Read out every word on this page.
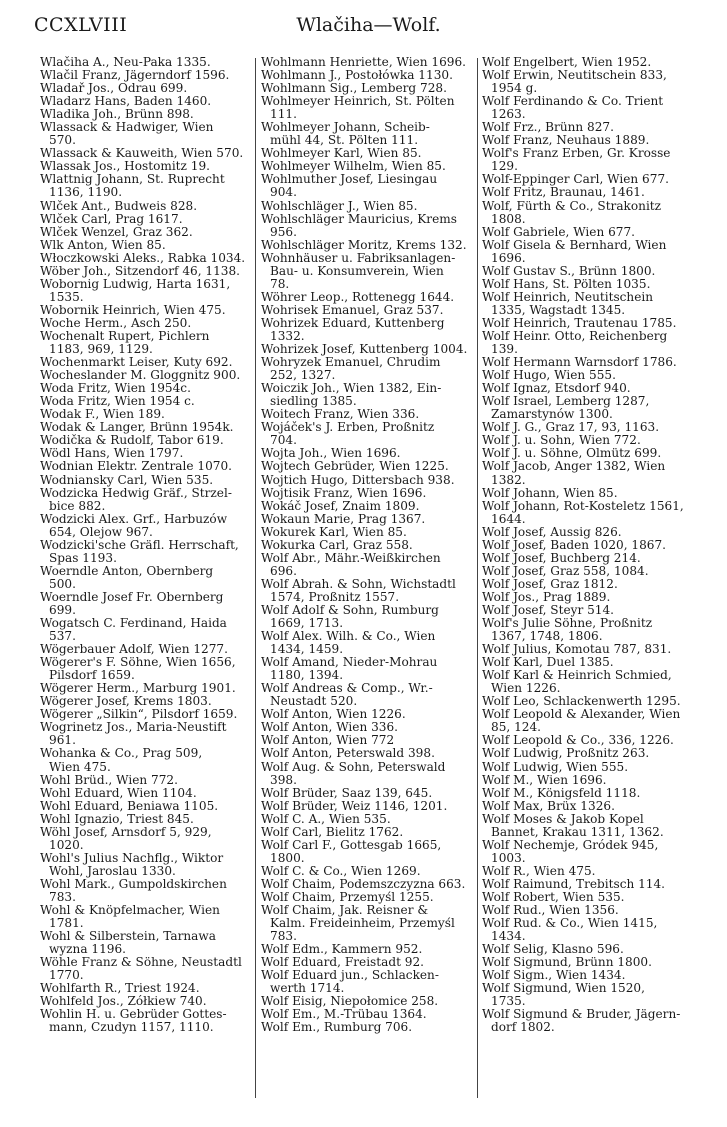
CCXLVIII	Wlačiha—Wolf.

Wlačiha A., Neu-Paka 1335.

Wlačil Franz, Jägerndorf 1596.

Wladař Jos., Odrau 699.

Wladarz Hans, Baden 1460.

Wladika Joh., Brünn 898.

Wlassack & Hadwiger, Wien
570.

Wlassack & Kauweith, Wien 570.

Wlassak Jos., Hostomitz 19.

Wlattnig Johann, St. Ruprecht
1136, 1190.

Wlček Ant., Budweis 828.

Wlček Carl, Prag 1617.

Wlček Wenzel, Graz 362.

Wlk Anton, Wien 85.

Włoczkowski Aleks., Rabka 1034.

Wöber Joh., Sitzendorf 46, 1138.

Wobornig Ludwig, Harta 1631,
1535.

Wobornik Heinrich, Wien 475.

Woche Herm., Asch 250.

Wochenalt Rupert, Pichlern
1183, 969, 1129.

Wochenmarkt Leiser, Kuty 692.

Wocheslander M. Gloggnitz 900.

Woda Fritz, Wien 1954c.

Woda Fritz, Wien 1954 c.

Wodak F., Wien 189.

Wodak & Langer, Brünn 1954k.

Wodička & Rudolf, Tabor 619.

Wödl Hans, Wien 1797.

Wodnian Elektr. Zentrale 1070.

Wodniansky Carl, Wien 535.

Wodzicka Hedwig Gräf., Strzel-
bice 882.

Wodzicki Alex. Grf., Harbuzów
654, Olejow 967.

Wodzicki'sche Gräfl. Herrschaft,
Spas 1193.

Woerndle Anton, Obernberg
500.

Woerndle Josef Fr. Obernberg
699.

Wogatsch C. Ferdinand, Haida
537.

Wögerbauer Adolf, Wien 1277.

Wögerer's F. Söhne, Wien 1656,
Pilsdorf 1659.

Wögerer Herm., Marburg 1901.

Wögerer Josef, Krems 1803.

Wögerer „Silkin“, Pilsdorf 1659.

Wogrinetz Jos., Maria-Neustift
961.

Wohanka & Co., Prag 509,
Wien 475.

Wohl Brüd., Wien 772.

Wohl Eduard, Wien 1104.

Wohl Eduard, Beniawa 1105.

Wohl Ignazio, Triest 845.

Wöhl Josef, Arnsdorf 5, 929,
1020.

Wohl's Julius Nachflg., Wiktor
Wohl, Jaroslau 1330.

Wohl Mark., Gumpoldskirchen
783.

Wohl & Knöpfelmacher, Wien
1781.

Wohl & Silberstein, Tarnawa
wyzna 1196.

Wöhle Franz & Söhne, Neustadtl
1770.

Wohlfarth R., Triest 1924.

Wohlfeld Jos., Zółkiew 740.

Wohlin H. u. Gebrüder Gottes-
mann, Czudyn 1157, 1110.

Wohlmann Henriette, Wien 1696.

Wohlmann J., Postołówka 1130.

Wohlmann Sig., Lemberg 728.

Wohlmeyer Heinrich, St. Pölten
111.

Wohlmeyer Johann, Scheib-
mühl 44, St. Pölten 111.

Wohlmeyer Karl, Wien 85.

Wohlmeyer Wilhelm, Wien 85.

Wohlmuther Josef, Liesingau
904.

Wohlschläger J., Wien 85.

Wohlschläger Mauricius, Krems
956.

Wohlschläger Moritz, Krems 132.

Wohnhäuser u. Fabriksanlagen-
Bau- u. Konsumverein, Wien
78.

Wöhrer Leop., Rottenegg 1644.

Wohrisek Emanuel, Graz 537.

Wohrizek Eduard, Kuttenberg
1332.

Wohrizek Josef, Kuttenberg 1004.

Wohryzek Emanuel, Chrudim
252, 1327.

Woiczik Joh., Wien 1382, Ein-
siedling 1385.

Woitech Franz, Wien 336.

Wojáček's J. Erben, Proßnitz
704.

Wojta Joh., Wien 1696.

Wojtech Gebrüder, Wien 1225.

Wojtich Hugo, Dittersbach 938.

Wojtisik Franz, Wien 1696.

Wokáč Josef, Znaim 1809.

Wokaun Marie, Prag 1367.

Wokurek Karl, Wien 85.

Wokurka Carl, Graz 558.

Wolf Abr., Mähr.-Weißkirchen
696.

Wolf Abrah. & Sohn, Wichstadtl
1574, Proßnitz 1557.

Wolf Adolf & Sohn, Rumburg
1669, 1713.

Wolf Alex. Wilh. & Co., Wien
1434, 1459.

Wolf Amand, Nieder-Mohrau
1180, 1394.

Wolf Andreas & Comp., Wr.-
Neustadt 520.

Wolf Anton, Wien 1226.

Wolf Anton, Wien 336.

Wolf Anton, Wien 772

Wolf Anton, Peterswald 398.

Wolf Aug. & Sohn, Peterswald
398.

Wolf Brüder, Saaz 139, 645.

Wolf Brüder, Weiz 1146, 1201.

Wolf C. A., Wien 535.

Wolf Carl, Bielitz 1762.

Wolf Carl F., Gottesgab 1665,
1800.

Wolf C. & Co., Wien 1269.

Wolf Chaim, Podemszczyzna 663.

Wolf Chaim, Przemyśl 1255.

Wolf Chaim, Jak. Reisner &
Kalm. Freideinheim, Przemyśl
783.

Wolf Edm., Kammern 952.

Wolf Eduard, Freistadt 92.

Wolf Eduard jun., Schlacken-
werth 1714.

Wolf Eisig, Niepołomice 258.

Wolf Em., M.-Trübau 1364.

Wolf Em., Rumburg 706.

Wolf Engelbert, Wien 1952.

Wolf Erwin, Neutitschein 833,
1954 g.

Wolf Ferdinando & Co. Trient
1263.

Wolf Frz., Brünn 827.

Wolf Franz, Neuhaus 1889.

Wolf's Franz Erben, Gr. Krosse
129.

Wolf-Eppinger Carl, Wien 677.

Wolf Fritz, Braunau, 1461.

Wolf, Fürth & Co., Strakonitz
1808.

Wolf Gabriele, Wien 677.

Wolf Gisela & Bernhard, Wien
1696.

Wolf Gustav S., Brünn 1800.

Wolf Hans, St. Pölten 1035.

Wolf Heinrich, Neutitschein
1335, Wagstadt 1345.

Wolf Heinrich, Trautenau 1785.

Wolf Heinr. Otto, Reichenberg
139.

Wolf Hermann Warnsdorf 1786.

Wolf Hugo, Wien 555.

Wolf Ignaz, Etsdorf 940.

Wolf Israel, Lemberg 1287,
Zamarstynów 1300.

Wolf J. G., Graz 17, 93, 1163.

Wolf J. u. Sohn, Wien 772.

Wolf J. u. Söhne, Olmütz 699.

Wolf Jacob, Anger 1382, Wien
1382.

Wolf Johann, Wien 85.

Wolf Johann, Rot-Kosteletz 1561,
1644.

Wolf Josef, Aussig 826.

Wolf Josef, Baden 1020, 1867.

Wolf Josef, Buchberg 214.

Wolf Josef, Graz 558, 1084.

Wolf Josef, Graz 1812.

Wolf Jos., Prag 1889.

Wolf Josef, Steyr 514.

Wolf's Julie Söhne, Proßnitz
1367, 1748, 1806.

Wolf Julius, Komotau 787, 831.

Wolf Karl, Duel 1385.

Wolf Karl & Heinrich Schmied,
Wien 1226.

Wolf Leo, Schlackenwerth 1295.

Wolf Leopold & Alexander, Wien
85, 124.

Wolf Leopold & Co., 336, 1226.

Wolf Ludwig, Proßnitz 263.

Wolf Ludwig, Wien 555.

Wolf M., Wien 1696.

Wolf M., Königsfeld 1118.

Wolf Max, Brüx 1326.

Wolf Moses & Jakob Kopel
Bannet, Krakau 1311, 1362.

Wolf Nechemje, Gródek 945,
1003.

Wolf R., Wien 475.

Wolf Raimund, Trebitsch 114.

Wolf Robert, Wien 535.

Wolf Rud., Wien 1356.

Wolf Rud. & Co., Wien 1415,
1434.

Wolf Selig, Klasno 596.

Wolf Sigmund, Brünn 1800.

Wolf Sigm., Wien 1434.

Wolf Sigmund, Wien 1520,
1735.

Wolf Sigmund & Bruder, Jägern-
dorf 1802.
